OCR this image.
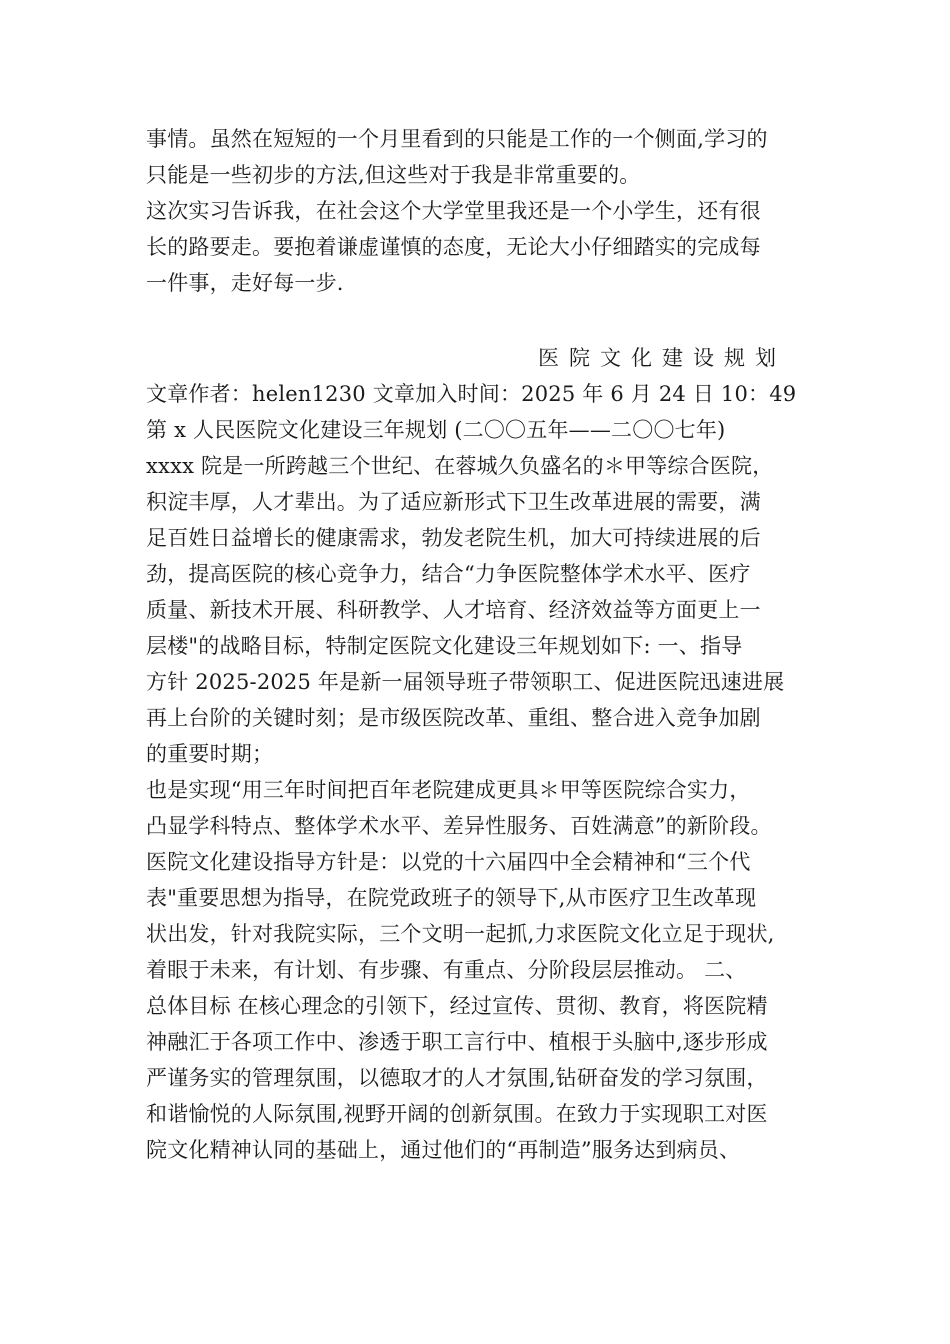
事情。虽然在短短的一个月里看到的只能是工作的一个侧面,学习的
只能是一些初步的方法,但这些对于我是非常重要的。
这次实习告诉我，在社会这个大学堂里我还是一个小学生，还有很
长的路要走。要抱着谦虚谨慎的态度，无论大小仔细踏实的完成每
一件事，走好每一步.
医院文化建设规划
文章作者：helen1230 文章加入时间：2025 年 6 月 24 日 10：49
第 x 人民医院文化建设三年规划 (二〇〇五年——二〇〇七年)
xxxx 院是一所跨越三个世纪、在蓉城久负盛名的＊甲等综合医院，
积淀丰厚，人才辈出。为了适应新形式下卫生改革进展的需要，满
足百姓日益增长的健康需求，勃发老院生机，加大可持续进展的后
劲，提高医院的核心竞争力，结合“力争医院整体学术水平、医疗
质量、新技术开展、科研教学、人才培育、经济效益等方面更上一
层楼"的战略目标，特制定医院文化建设三年规划如下: 一、指导
方针 2025-2025 年是新一届领导班子带领职工、促进医院迅速进展
再上台阶的关键时刻；是市级医院改革、重组、整合进入竞争加剧
的重要时期；
也是实现“用三年时间把百年老院建成更具＊甲等医院综合实力，
凸显学科特点、整体学术水平、差异性服务、百姓满意”的新阶段。
医院文化建设指导方针是：以党的十六届四中全会精神和“三个代
表"重要思想为指导，在院党政班子的领导下,从市医疗卫生改革现
状出发，针对我院实际，三个文明一起抓,力求医院文化立足于现状,
着眼于未来，有计划、有步骤、有重点、分阶段层层推动。 二、
总体目标 在核心理念的引领下，经过宣传、贯彻、教育，将医院精
神融汇于各项工作中、渗透于职工言行中、植根于头脑中,逐步形成
严谨务实的管理氛围，以德取才的人才氛围,钻研奋发的学习氛围，
和谐愉悦的人际氛围,视野开阔的创新氛围。在致力于实现职工对医
院文化精神认同的基础上，通过他们的“再制造”服务达到病员、
